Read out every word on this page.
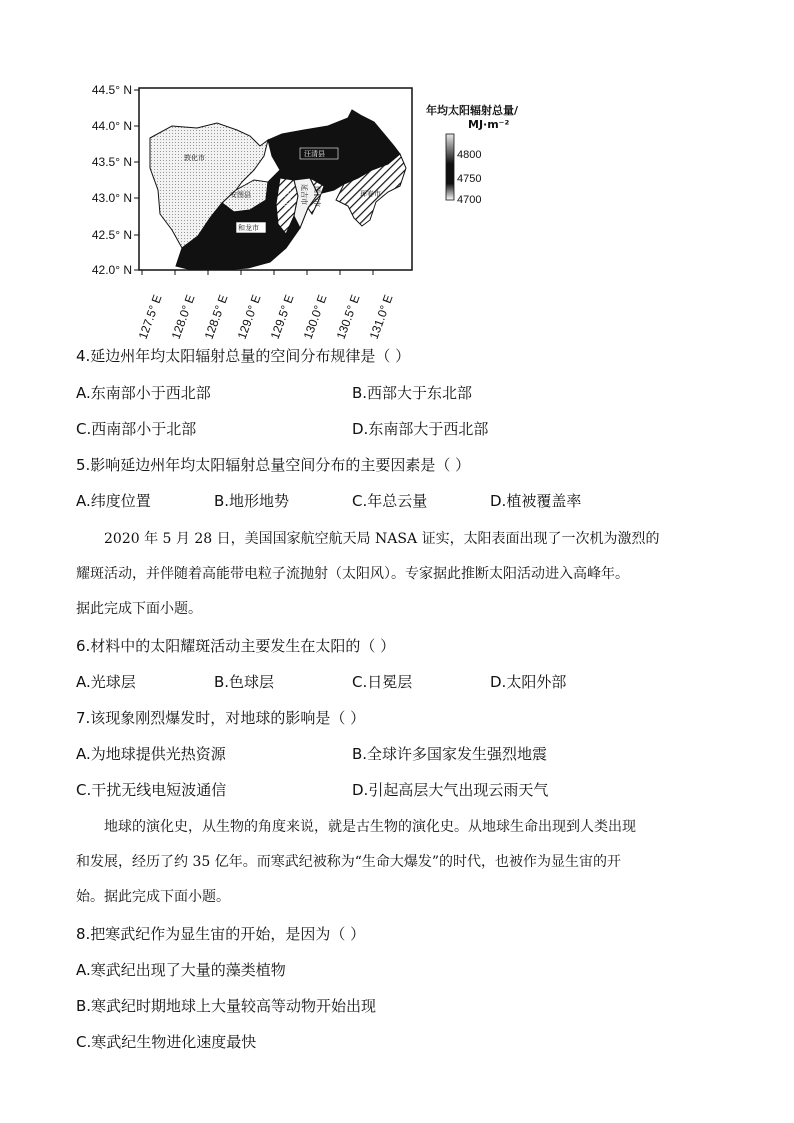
44.5° N
44.0° N
43.5° N
43.0° N
42.5° N
42.0° N
127.5° E 128.0° E 128.5° E 129.0° E 129.5° E 130.0° E 130.5° E 131.0° E
敦化市
安图县
和龙市
汪清县
龙井市 延吉市 图们市	珲春市
年均太阳辐射总量/
MJ·m⁻²
4800
4750
4700
4.延边州年均太阳辐射总量的空间分布规律是（ ）
A.东南部小于西北部	B.西部大于东北部
C.西南部小于北部	D.东南部大于西北部
5.影响延边州年均太阳辐射总量空间分布的主要因素是（ ）
A.纬度位置	B.地形地势	C.年总云量	D.植被覆盖率
2020 年 5 月 28 日，美国国家航空航天局 NASA 证实，太阳表面出现了一次机为激烈的
耀斑活动，并伴随着高能带电粒子流抛射（太阳风）。专家据此推断太阳活动进入高峰年。
据此完成下面小题。
6.材料中的太阳耀斑活动主要发生在太阳的（ ）
A.光球层	B.色球层	C.日冕层	D.太阳外部
7.该现象刚烈爆发时，对地球的影响是（ ）
A.为地球提供光热资源	B.全球许多国家发生强烈地震
C.干扰无线电短波通信	D.引起高层大气出现云雨天气
地球的演化史，从生物的角度来说，就是古生物的演化史。从地球生命出现到人类出现
和发展，经历了约 35 亿年。而寒武纪被称为“生命大爆发”的时代，也被作为显生宙的开
始。据此完成下面小题。
8.把寒武纪作为显生宙的开始，是因为（ ）
A.寒武纪出现了大量的藻类植物
B.寒武纪时期地球上大量较高等动物开始出现
C.寒武纪生物进化速度最快
